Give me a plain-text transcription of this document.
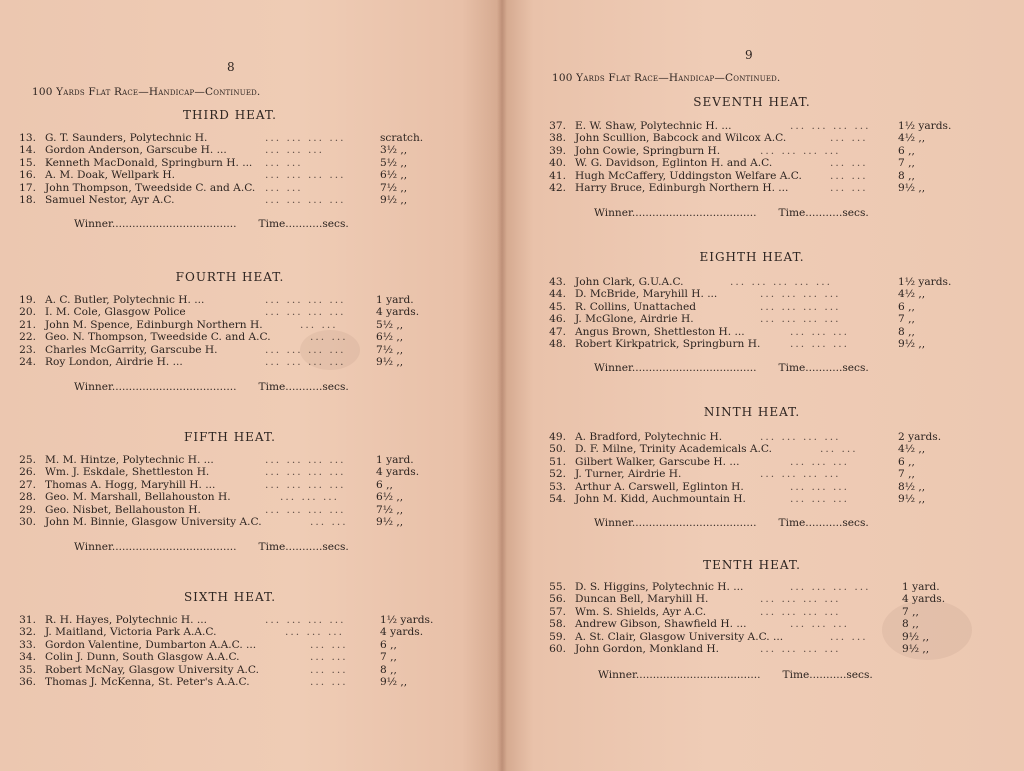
8
100 Yards Flat Race—Handicap—Continued.
THIRD HEAT.
13. G. T. Saunders, Polytechnic H.	... ... ... ...	scratch.
14. Gordon Anderson, Garscube H. ...	... ... ...	3½ ,,
15. Kenneth MacDonald, Springburn H. ... ... ...	5½ ,,
16. A. M. Doak, Wellpark H.	... ... ... ...	6½ ,,
17. John Thompson, Tweedside C. and A.C. ... ...	7½ ,,
18. Samuel Nestor, Ayr A.C.	... ... ... ...	9½ ,,
Winner..................................... Time...........secs.
FOURTH HEAT.
19. A. C. Butler, Polytechnic H. ...	... ... ... ...	1 yard.
20. I. M. Cole, Glasgow Police	... ... ... ...	4 yards.
21. John M. Spence, Edinburgh Northern H.	... ...	5½ ,,
22. Geo. N. Thompson, Tweedside C. and A.C.	... ...	6½ ,,
23. Charles McGarrity, Garscube H.	... ... ... ...	7½ ,,
24. Roy London, Airdrie H. ...	... ... ... ...	9½ ,,
Winner..................................... Time...........secs.
FIFTH HEAT.
25. M. M. Hintze, Polytechnic H. ...	... ... ... ...	1 yard.
26. Wm. J. Eskdale, Shettleston H.	... ... ... ...	4 yards.
27. Thomas A. Hogg, Maryhill H. ...	... ... ... ...	6 ,,
28. Geo. M. Marshall, Bellahouston H.	... ... ...	6½ ,,
29. Geo. Nisbet, Bellahouston H.	... ... ... ...	7½ ,,
30. John M. Binnie, Glasgow University A.C.	... ...	9½ ,,
Winner..................................... Time...........secs.
SIXTH HEAT.
31. R. H. Hayes, Polytechnic H. ...	... ... ... ...	1½ yards.
32. J. Maitland, Victoria Park A.A.C.	... ... ...	4 yards.
33. Gordon Valentine, Dumbarton A.A.C. ...	... ...	6 ,,
34. Colin J. Dunn, South Glasgow A.A.C.	... ...	7 ,,
35. Robert McNay, Glasgow University A.C.	... ...	8 ,,
36. Thomas J. McKenna, St. Peter's A.A.C.	... ...	9½ ,,
9
100 Yards Flat Race—Handicap—Continued.
SEVENTH HEAT.
37. E. W. Shaw, Polytechnic H. ...	... ... ... ...	1½ yards.
38. John Scullion, Babcock and Wilcox A.C.	... ...	4½ ,,
39. John Cowie, Springburn H.	... ... ... ...	6 ,,
40. W. G. Davidson, Eglinton H. and A.C.	... ...	7 ,,
41. Hugh McCaffery, Uddingston Welfare A.C.	... ...	8 ,,
42. Harry Bruce, Edinburgh Northern H. ...	... ...	9½ ,,
Winner..................................... Time...........secs.
EIGHTH HEAT.
43. John Clark, G.U.A.C.	... ... ... ... ...	1½ yards.
44. D. McBride, Maryhill H. ...	... ... ... ...	4½ ,,
45. R. Collins, Unattached	... ... ... ...	6 ,,
46. J. McGlone, Airdrie H.	... ... ... ...	7 ,,
47. Angus Brown, Shettleston H. ...	... ... ...	8 ,,
48. Robert Kirkpatrick, Springburn H.	... ... ...	9½ ,,
Winner..................................... Time...........secs.
NINTH HEAT.
49. A. Bradford, Polytechnic H.	... ... ... ...	2 yards.
50. D. F. Milne, Trinity Academicals A.C.	... ...	4½ ,,
51. Gilbert Walker, Garscube H. ...	... ... ...	6 ,,
52. J. Turner, Airdrie H.	... ... ... ...	7 ,,
53. Arthur A. Carswell, Eglinton H.	... ... ...	8½ ,,
54. John M. Kidd, Auchmountain H.	... ... ...	9½ ,,
Winner..................................... Time...........secs.
TENTH HEAT.
55. D. S. Higgins, Polytechnic H. ...	... ... ... ...	1 yard.
56. Duncan Bell, Maryhill H.	... ... ... ...	4 yards.
57. Wm. S. Shields, Ayr A.C.	... ... ... ...	7 ,,
58. Andrew Gibson, Shawfield H. ...	... ... ...	8 ,,
59. A. St. Clair, Glasgow University A.C. ...	... ...	9½ ,,
60. John Gordon, Monkland H.	... ... ... ...	9½ ,,
Winner..................................... Time...........secs.
